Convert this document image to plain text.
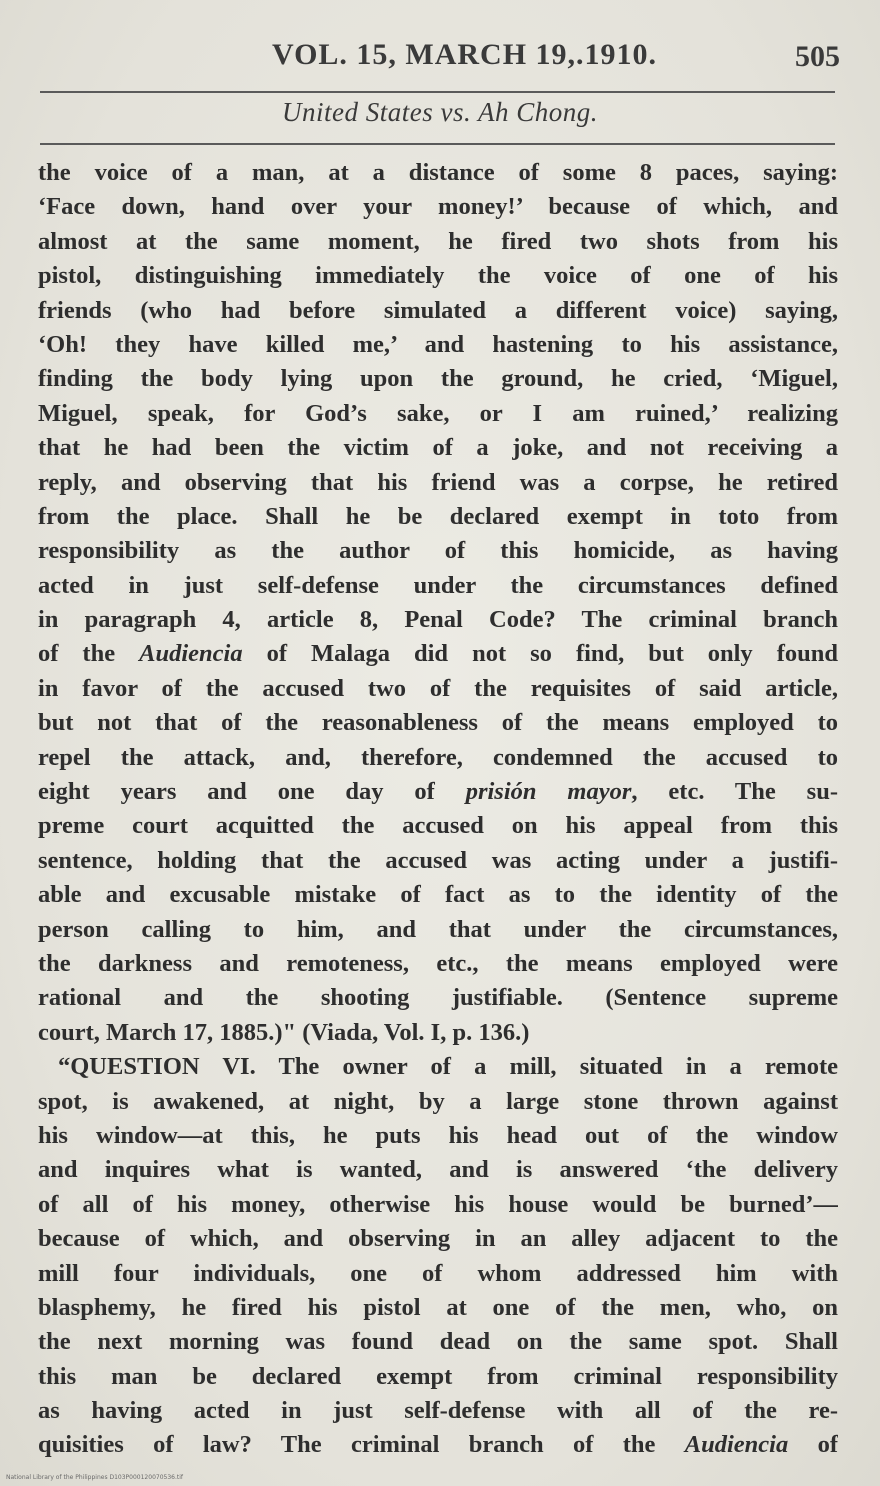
VOL. 15, MARCH 19,.1910.	505
United States vs. Ah Chong.
the voice of a man, at a distance of some 8 paces, saying:
‘Face down, hand over your money!’ because of which, and
almost at the same moment, he fired two shots from his
pistol, distinguishing immediately the voice of one of his
friends (who had before simulated a different voice) saying,
‘Oh! they have killed me,’ and hastening to his assistance,
finding the body lying upon the ground, he cried, ‘Miguel,
Miguel, speak, for God’s sake, or I am ruined,’ realizing
that he had been the victim of a joke, and not receiving a
reply, and observing that his friend was a corpse, he retired
from the place. Shall he be declared exempt in toto from
responsibility as the author of this homicide, as having
acted in just self-defense under the circumstances defined
in paragraph 4, article 8, Penal Code? The criminal branch
of the Audiencia of Malaga did not so find, but only found
in favor of the accused two of the requisites of said article,
but not that of the reasonableness of the means employed to
repel the attack, and, therefore, condemned the accused to
eight years and one day of prisión mayor, etc. The su-
preme court acquitted the accused on his appeal from this
sentence, holding that the accused was acting under a justifi-
able and excusable mistake of fact as to the identity of the
person calling to him, and that under the circumstances,
the darkness and remoteness, etc., the means employed were
rational and the shooting justifiable. (Sentence supreme
court, March 17, 1885.)" (Viada, Vol. I, p. 136.)
“QUESTION VI. The owner of a mill, situated in a remote
spot, is awakened, at night, by a large stone thrown against
his window—at this, he puts his head out of the window
and inquires what is wanted, and is answered ‘the delivery
of all of his money, otherwise his house would be burned’—
because of which, and observing in an alley adjacent to the
mill four individuals, one of whom addressed him with
blasphemy, he fired his pistol at one of the men, who, on
the next morning was found dead on the same spot. Shall
this man be declared exempt from criminal responsibility
as having acted in just self-defense with all of the re-
quisities of law? The criminal branch of the Audiencia of
National Library of the Philippines D103P000120070536.tif
